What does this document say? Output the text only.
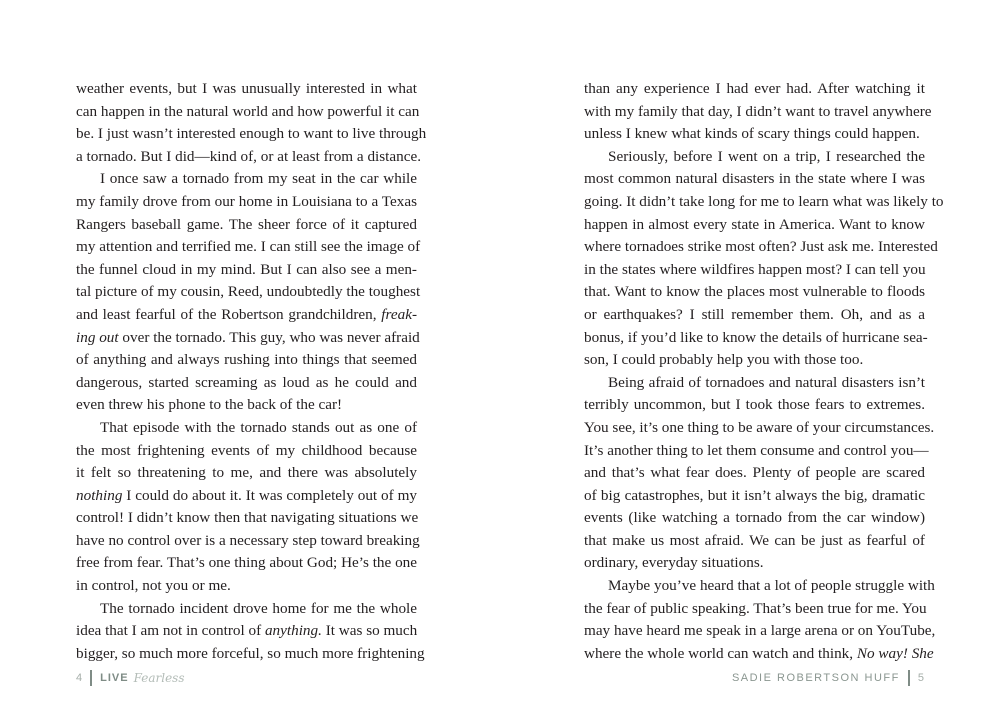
weather events, but I was unusually interested in what
can happen in the natural world and how powerful it can
be. I just wasn’t interested enough to want to live through
a tornado. But I did—kind of, or at least from a distance.
I once saw a tornado from my seat in the car while
my family drove from our home in Louisiana to a Texas
Rangers baseball game. The sheer force of it captured
my attention and terrified me. I can still see the image of
the funnel cloud in my mind. But I can also see a men-
tal picture of my cousin, Reed, undoubtedly the toughest
and least fearful of the Robertson grandchildren, freak-
ing out over the tornado. This guy, who was never afraid
of anything and always rushing into things that seemed
dangerous, started screaming as loud as he could and
even threw his phone to the back of the car!
That episode with the tornado stands out as one of
the most frightening events of my childhood because
it felt so threatening to me, and there was absolutely
nothing I could do about it. It was completely out of my
control! I didn’t know then that navigating situations we
have no control over is a necessary step toward breaking
free from fear. That’s one thing about God; He’s the one
in control, not you or me.
The tornado incident drove home for me the whole
idea that I am not in control of anything. It was so much
bigger, so much more forceful, so much more frightening
4 LIVE Fearless
than any experience I had ever had. After watching it
with my family that day, I didn’t want to travel anywhere
unless I knew what kinds of scary things could happen.
Seriously, before I went on a trip, I researched the
most common natural disasters in the state where I was
going. It didn’t take long for me to learn what was likely to
happen in almost every state in America. Want to know
where tornadoes strike most often? Just ask me. Interested
in the states where wildfires happen most? I can tell you
that. Want to know the places most vulnerable to floods
or earthquakes? I still remember them. Oh, and as a
bonus, if you’d like to know the details of hurricane sea-
son, I could probably help you with those too.
Being afraid of tornadoes and natural disasters isn’t
terribly uncommon, but I took those fears to extremes.
You see, it’s one thing to be aware of your circumstances.
It’s another thing to let them consume and control you—
and that’s what fear does. Plenty of people are scared
of big catastrophes, but it isn’t always the big, dramatic
events (like watching a tornado from the car window)
that make us most afraid. We can be just as fearful of
ordinary, everyday situations.
Maybe you’ve heard that a lot of people struggle with
the fear of public speaking. That’s been true for me. You
may have heard me speak in a large arena or on YouTube,
where the whole world can watch and think, No way! She
SADIE ROBERTSON HUFF 5
